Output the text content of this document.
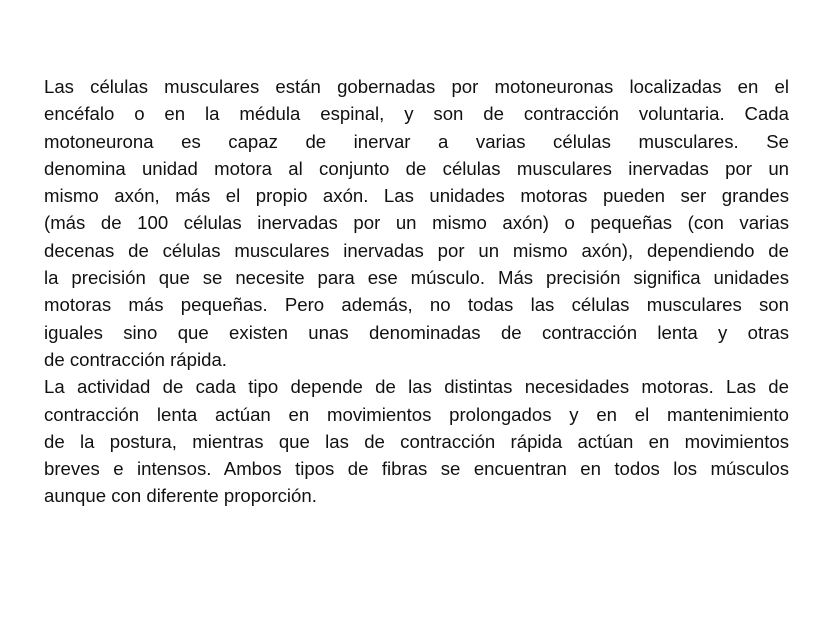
Las células musculares están gobernadas por motoneuronas localizadas en el
encéfalo o en la médula espinal, y son de contracción voluntaria. Cada
motoneurona es capaz de inervar a varias células musculares. Se
denomina unidad motora al conjunto de células musculares inervadas por un
mismo axón, más el propio axón. Las unidades motoras pueden ser grandes
(más de 100 células inervadas por un mismo axón) o pequeñas (con varias
decenas de células musculares inervadas por un mismo axón), dependiendo de
la precisión que se necesite para ese músculo. Más precisión significa unidades
motoras más pequeñas. Pero además, no todas las células musculares son
iguales sino que existen unas denominadas de contracción lenta y otras
de contracción rápida.
La actividad de cada tipo depende de las distintas necesidades motoras. Las de
contracción lenta actúan en movimientos prolongados y en el mantenimiento
de la postura, mientras que las de contracción rápida actúan en movimientos
breves e intensos. Ambos tipos de fibras se encuentran en todos los músculos
aunque con diferente proporción.
